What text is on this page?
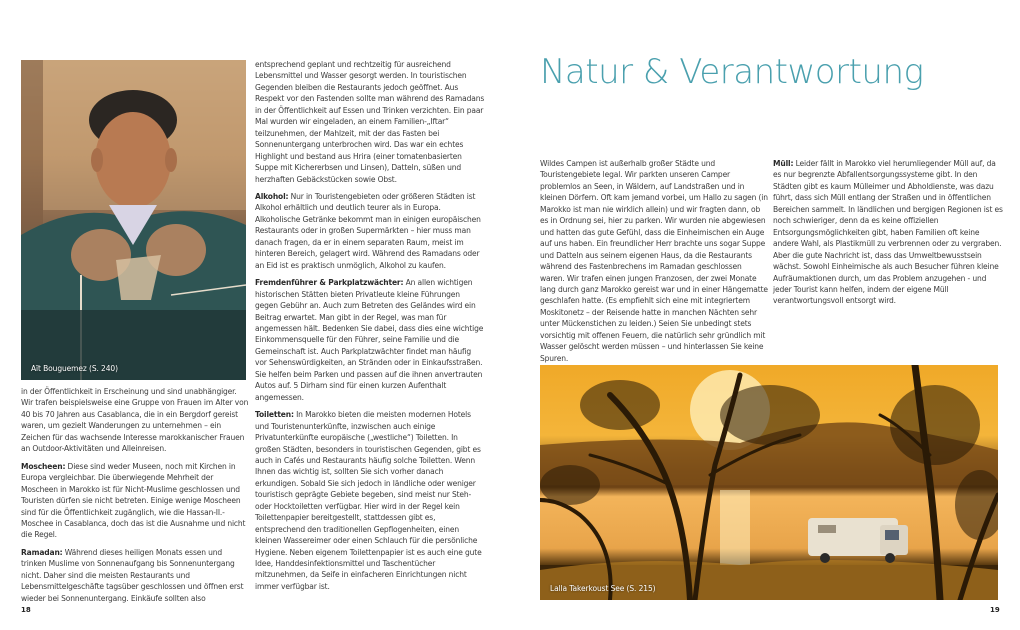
Aït Bouguemez (S. 240)

in der Öffentlichkeit in Erscheinung und sind unabhängiger. Wir trafen beispielsweise eine Gruppe von Frauen im Alter von 40 bis 70 Jahren aus Casablanca, die in ein Bergdorf gereist waren, um gezielt Wanderungen zu unternehmen – ein Zeichen für das wachsende Interesse marokkanischer Frauen an Outdoor-Aktivitäten und Alleinreisen.

Moscheen: Diese sind weder Museen, noch mit Kirchen in Europa vergleichbar. Die überwiegende Mehrheit der Moscheen in Marokko ist für Nicht-Muslime geschlossen und Touristen dürfen sie nicht betreten. Einige wenige Moscheen sind für die Öffentlichkeit zugänglich, wie die Hassan-II.-Moschee in Casablanca, doch das ist die Ausnahme und nicht die Regel.

Ramadan: Während dieses heiligen Monats essen und trinken Muslime von Sonnenaufgang bis Sonnenuntergang nicht. Daher sind die meisten Restaurants und Lebensmittelgeschäfte tagsüber geschlossen und öffnen erst wieder bei Sonnenuntergang. Einkäufe sollten also

entsprechend geplant und rechtzeitig für ausreichend Lebensmittel und Wasser gesorgt werden. In touristischen Gegenden bleiben die Restaurants jedoch geöffnet. Aus Respekt vor den Fastenden sollte man während des Ramadans in der Öffentlichkeit auf Essen und Trinken verzichten. Ein paar Mal wurden wir eingeladen, an einem Familien-„Iftar“ teilzunehmen, der Mahlzeit, mit der das Fasten bei Sonnenuntergang unterbrochen wird. Das war ein echtes Highlight und bestand aus Hrira (einer tomatenbasierten Suppe mit Kichererbsen und Linsen), Datteln, süßen und herzhaften Gebäckstücken sowie Obst.

Alkohol: Nur in Touristengebieten oder größeren Städten ist Alkohol erhältlich und deutlich teurer als in Europa. Alkoholische Getränke bekommt man in einigen europäischen Restaurants oder in großen Supermärkten – hier muss man danach fragen, da er in einem separaten Raum, meist im hinteren Bereich, gelagert wird. Während des Ramadans oder an Eid ist es praktisch unmöglich, Alkohol zu kaufen.

Fremdenführer & Parkplatzwächter: An allen wichtigen historischen Stätten bieten Privatleute kleine Führungen gegen Gebühr an. Auch zum Betreten des Geländes wird ein Beitrag erwartet. Man gibt in der Regel, was man für angemessen hält. Bedenken Sie dabei, dass dies eine wichtige Einkommensquelle für den Führer, seine Familie und die Gemeinschaft ist. Auch Parkplatzwächter findet man häufig vor Sehenswürdigkeiten, an Stränden oder in Einkaufsstraßen. Sie helfen beim Parken und passen auf die ihnen anvertrauten Autos auf. 5 Dirham sind für einen kurzen Aufenthalt angemessen.

Toiletten: In Marokko bieten die meisten modernen Hotels und Touristenunterkünfte, inzwischen auch einige Privatunterkünfte europäische („westliche“) Toiletten. In großen Städten, besonders in touristischen Gegenden, gibt es auch in Cafés und Restaurants häufig solche Toiletten. Wenn Ihnen das wichtig ist, sollten Sie sich vorher danach erkundigen. Sobald Sie sich jedoch in ländliche oder weniger touristisch geprägte Gebiete begeben, sind meist nur Steh- oder Hocktoiletten verfügbar. Hier wird in der Regel kein Toilettenpapier bereitgestellt, stattdessen gibt es, entsprechend den traditionellen Gepflogenheiten, einen kleinen Wassereimer oder einen Schlauch für die persönliche Hygiene. Neben eigenem Toilettenpapier ist es auch eine gute Idee, Handdesinfektionsmittel und Taschentücher mitzunehmen, da Seife in einfacheren Einrichtungen nicht immer verfügbar ist.

18
Natur & Verantwortung

Wildes Campen ist außerhalb großer Städte und Touristengebiete legal. Wir parkten unseren Camper problemlos an Seen, in Wäldern, auf Landstraßen und in kleinen Dörfern. Oft kam jemand vorbei, um Hallo zu sagen (in Marokko ist man nie wirklich allein) und wir fragten dann, ob es in Ordnung sei, hier zu parken. Wir wurden nie abgewiesen und hatten das gute Gefühl, dass die Einheimischen ein Auge auf uns haben. Ein freundlicher Herr brachte uns sogar Suppe und Datteln aus seinem eigenen Haus, da die Restaurants während des Fastenbrechens im Ramadan geschlossen waren. Wir trafen einen jungen Franzosen, der zwei Monate lang durch ganz Marokko gereist war und in einer Hängematte geschlafen hatte. (Es empfiehlt sich eine mit integriertem Moskitonetz – der Reisende hatte in manchen Nächten sehr unter Mückenstichen zu leiden.) Seien Sie unbedingt stets vorsichtig mit offenen Feuern, die natürlich sehr gründlich mit Wasser gelöscht werden müssen – und hinterlassen Sie keine Spuren.

Müll: Leider fällt in Marokko viel herumliegender Müll auf, da es nur begrenzte Abfallentsorgungssysteme gibt. In den Städten gibt es kaum Mülleimer und Abholdienste, was dazu führt, dass sich Müll entlang der Straßen und in öffentlichen Bereichen sammelt. In ländlichen und bergigen Regionen ist es noch schwieriger, denn da es keine offiziellen Entsorgungsmöglichkeiten gibt, haben Familien oft keine andere Wahl, als Plastikmüll zu verbrennen oder zu vergraben. Aber die gute Nachricht ist, dass das Umweltbewusstsein wächst. Sowohl Einheimische als auch Besucher führen kleine Aufräumaktionen durch, um das Problem anzugehen - und jeder Tourist kann helfen, indem der eigene Müll verantwortungsvoll entsorgt wird.

Lalla Takerkoust See (S. 215)
19
